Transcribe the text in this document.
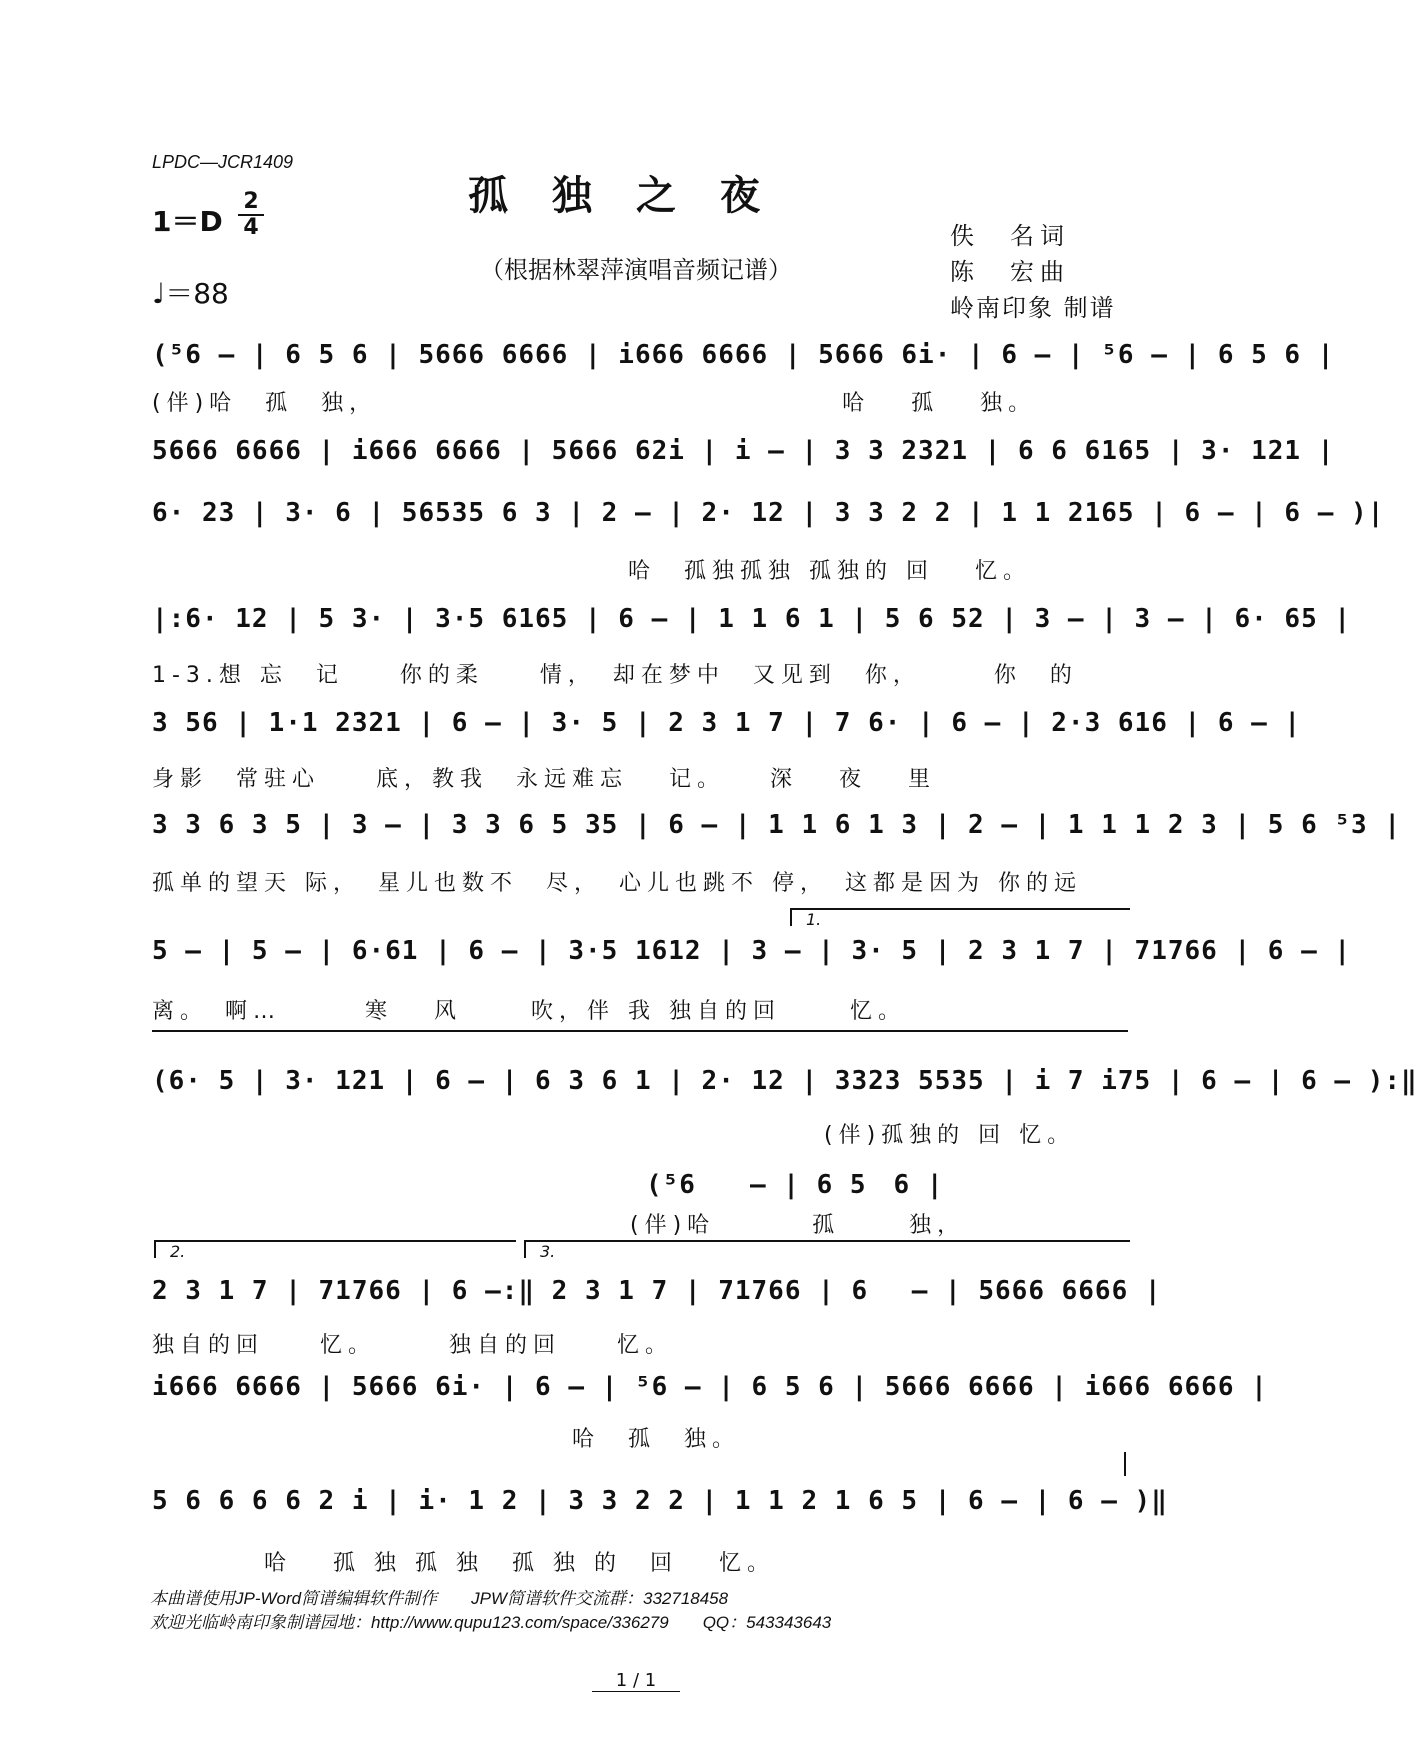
LPDC—JCR1409
孤独之夜
（根据林翠萍演唱音频记谱）
1＝D
2
4
♩＝88
佚　名词
陈　宏曲
岭南印象 制谱
(⁵6 – | 6 5 6 | 5666 6666 | i666 6666 | 5666 6i· | 6 – | ⁵6 – | 6 5 6 |
(伴)哈　孤　独，　　　　　　　　　　　　　　　　　哈　 孤　 独。
5666 6666 | i666 6666 | 5666 62i | i – | 3 3 2321 | 6 6 6165 | 3· 121 |
6· 23 | 3· 6 | 56535 6 3 | 2 – | 2· 12 | 3 3 2 2 | 1 1 2165 | 6 – | 6 – )|
　　　　　　　　　　　　　　　　　哈　孤独孤独 孤独的 回　 忆。
|:6· 12 | 5 3· | 3·5 6165 | 6 – | 1 1 6 1 | 5 6 52 | 3 – | 3 – | 6· 65 |
1-3.想 忘　记　　你的柔　　情，　却在梦中　又见到　你，　　　你　的
3 56 | 1·1 2321 | 6 – | 3· 5 | 2 3 1 7 | 7 6· | 6 – | 2·3 616 | 6 – |
身影　常驻心　　底，教我　永远难忘　 记。　　深　 夜　 里
3 3 6 3 5 | 3 – | 3 3 6 5 35 | 6 – | 1 1 6 1 3 | 2 – | 1 1 1 2 3 | 5 6 ⁵3 |
孤单的望天 际，　星儿也数不　尽，　心儿也跳不 停，　这都是因为 你的远
1.
5 – | 5 – | 6·61 | 6 – | 3·5 1612 | 3 – | 3· 5 | 2 3 1 7 | 71766 | 6 – |
离。　啊…　　　寒　 风　　 吹，伴 我 独自的回　　 忆。
(6· 5 | 3· 121 | 6 – | 6 3 6 1 | 2· 12 | 3323 5535 | i 7 i75 | 6 – | 6 – ):‖
　　　　　　　　　　　　　　　　　　　　　　　　(伴)孤独的 回 忆。
(⁵6　　– | 6 5　6 |
(伴)哈　　　 孤　　 独，
2.	3.
2 3 1 7 | 71766 | 6 –:‖ 2 3 1 7 | 71766 | 6　 – | 5666 6666 |
独自的回　　忆。　　　独自的回　　忆。
i666 6666 | 5666 6i· | 6 – | ⁵6 – | 6 5 6 | 5666 6666 | i666 6666 |
　　　　　　　　　　　　　　　哈　孤　独。
5 6 6 6 6 2 i | i· 1 2 | 3 3 2 2 | 1 1 2 1 6 5 | 6 – | 6 – )‖
　　　　哈　 孤 独 孤 独　孤 独 的　回　 忆。
本曲谱使用JP-Word简谱编辑软件制作　　JPW简谱软件交流群：332718458
欢迎光临岭南印象制谱园地：http://www.qupu123.com/space/336279　　QQ：543343643
1 / 1
